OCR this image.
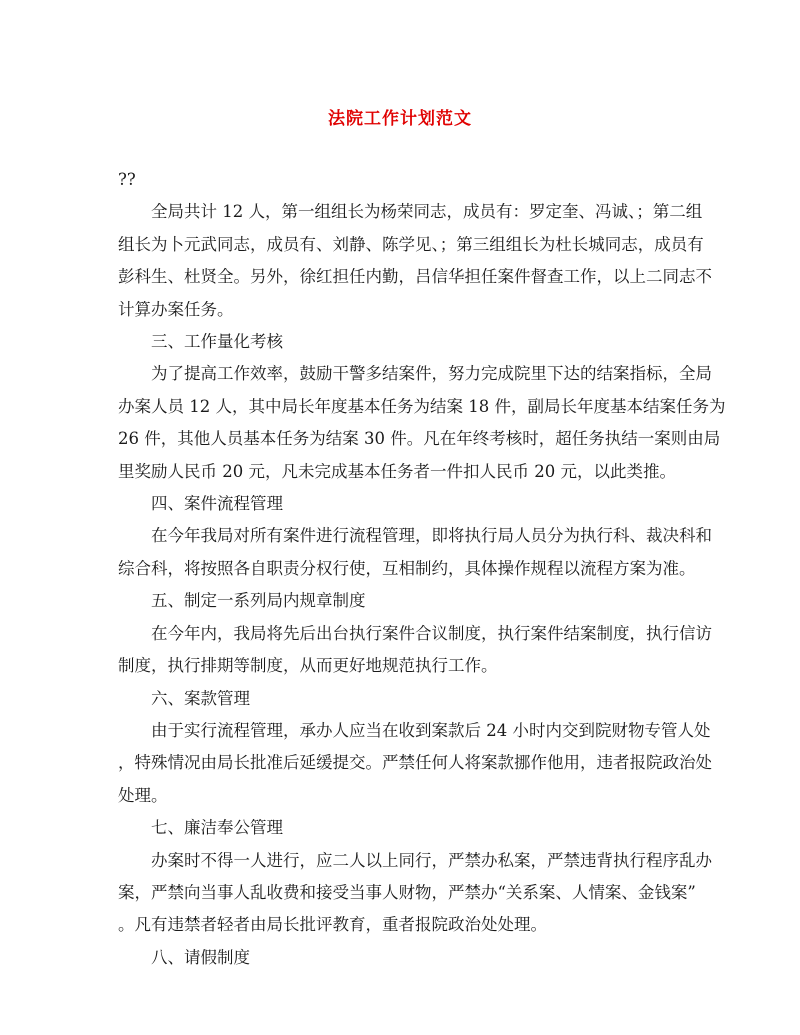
法院工作计划范文

??

全局共计 12 人，第一组组长为杨荣同志，成员有：罗定奎、冯诚、；第二组
组长为卜元武同志，成员有、刘静、陈学见、；第三组组长为杜长城同志，成员有
彭科生、杜贤全。另外，徐红担任内勤，吕信华担任案件督查工作，以上二同志不
计算办案任务。

三、工作量化考核

为了提高工作效率，鼓励干警多结案件，努力完成院里下达的结案指标，全局
办案人员 12 人，其中局长年度基本任务为结案 18 件，副局长年度基本结案任务为
26 件，其他人员基本任务为结案 30 件。凡在年终考核时，超任务执结一案则由局
里奖励人民币 20 元，凡未完成基本任务者一件扣人民币 20 元，以此类推。

四、案件流程管理

在今年我局对所有案件进行流程管理，即将执行局人员分为执行科、裁决科和
综合科，将按照各自职责分权行使，互相制约，具体操作规程以流程方案为准。

五、制定一系列局内规章制度

在今年内，我局将先后出台执行案件合议制度，执行案件结案制度，执行信访
制度，执行排期等制度，从而更好地规范执行工作。

六、案款管理

由于实行流程管理，承办人应当在收到案款后 24 小时内交到院财物专管人处
，特殊情况由局长批准后延缓提交。严禁任何人将案款挪作他用，违者报院政治处
处理。

七、廉洁奉公管理

办案时不得一人进行，应二人以上同行，严禁办私案，严禁违背执行程序乱办
案，严禁向当事人乱收费和接受当事人财物，严禁办“关系案、人情案、金钱案”
。凡有违禁者轻者由局长批评教育，重者报院政治处处理。

八、请假制度
